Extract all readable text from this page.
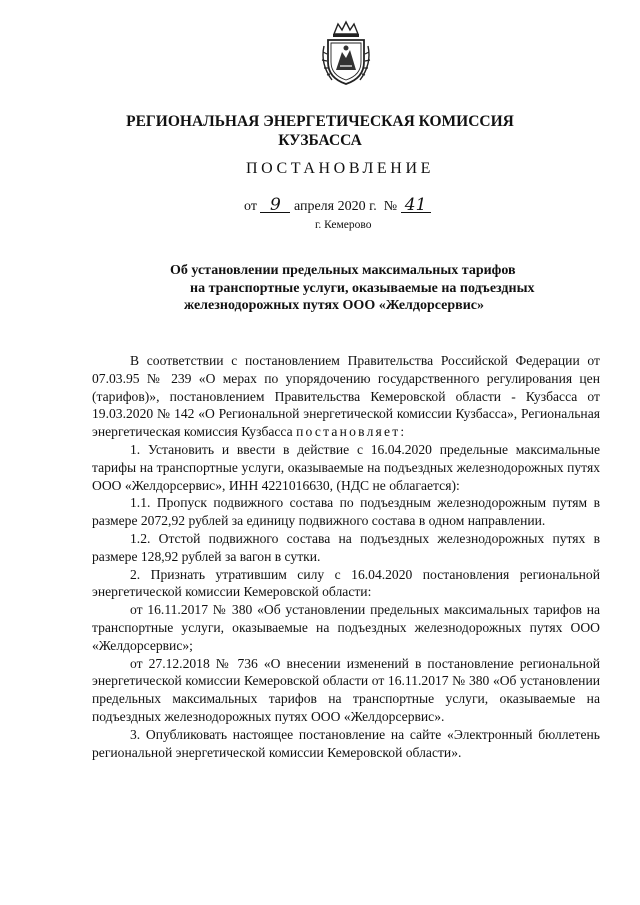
РЕГИОНАЛЬНАЯ ЭНЕРГЕТИЧЕСКАЯ КОМИССИЯ
КУЗБАССА
ПОСТАНОВЛЕНИЕ
от 9 апреля 2020 г. № 41
г. Кемерово
Об установлении предельных максимальных тарифов
на транспортные услуги, оказываемые на подъездных
железнодорожных путях ООО «Желдорсервис»

В соответствии с постановлением Правительства Российской Федерации от 07.03.95 № 239 «О мерах по упорядочению государственного регулирования цен (тарифов)», постановлением Правительства Кемеровской области - Кузбасса от 19.03.2020 № 142 «О Региональной энергетической комиссии Кузбасса», Региональная энергетическая комиссия Кузбасса постановляет:

1. Установить и ввести в действие с 16.04.2020 предельные максимальные тарифы на транспортные услуги, оказываемые на подъездных железнодорожных путях ООО «Желдорсервис», ИНН 4221016630, (НДС не облагается):

1.1. Пропуск подвижного состава по подъездным железнодорожным путям в размере 2072,92 рублей за единицу подвижного состава в одном направлении.

1.2. Отстой подвижного состава на подъездных железнодорожных путях в размере 128,92 рублей за вагон в сутки.

2. Признать утратившим силу с 16.04.2020 постановления региональной энергетической комиссии Кемеровской области:

от 16.11.2017 № 380 «Об установлении предельных максимальных тарифов на транспортные услуги, оказываемые на подъездных железнодорожных путях ООО «Желдорсервис»;

от 27.12.2018 № 736 «О внесении изменений в постановление региональной энергетической комиссии Кемеровской области от 16.11.2017 № 380 «Об установлении предельных максимальных тарифов на транспортные услуги, оказываемые на подъездных железнодорожных путях ООО «Желдорсервис».

3. Опубликовать настоящее постановление на сайте «Электронный бюллетень региональной энергетической комиссии Кемеровской области».
